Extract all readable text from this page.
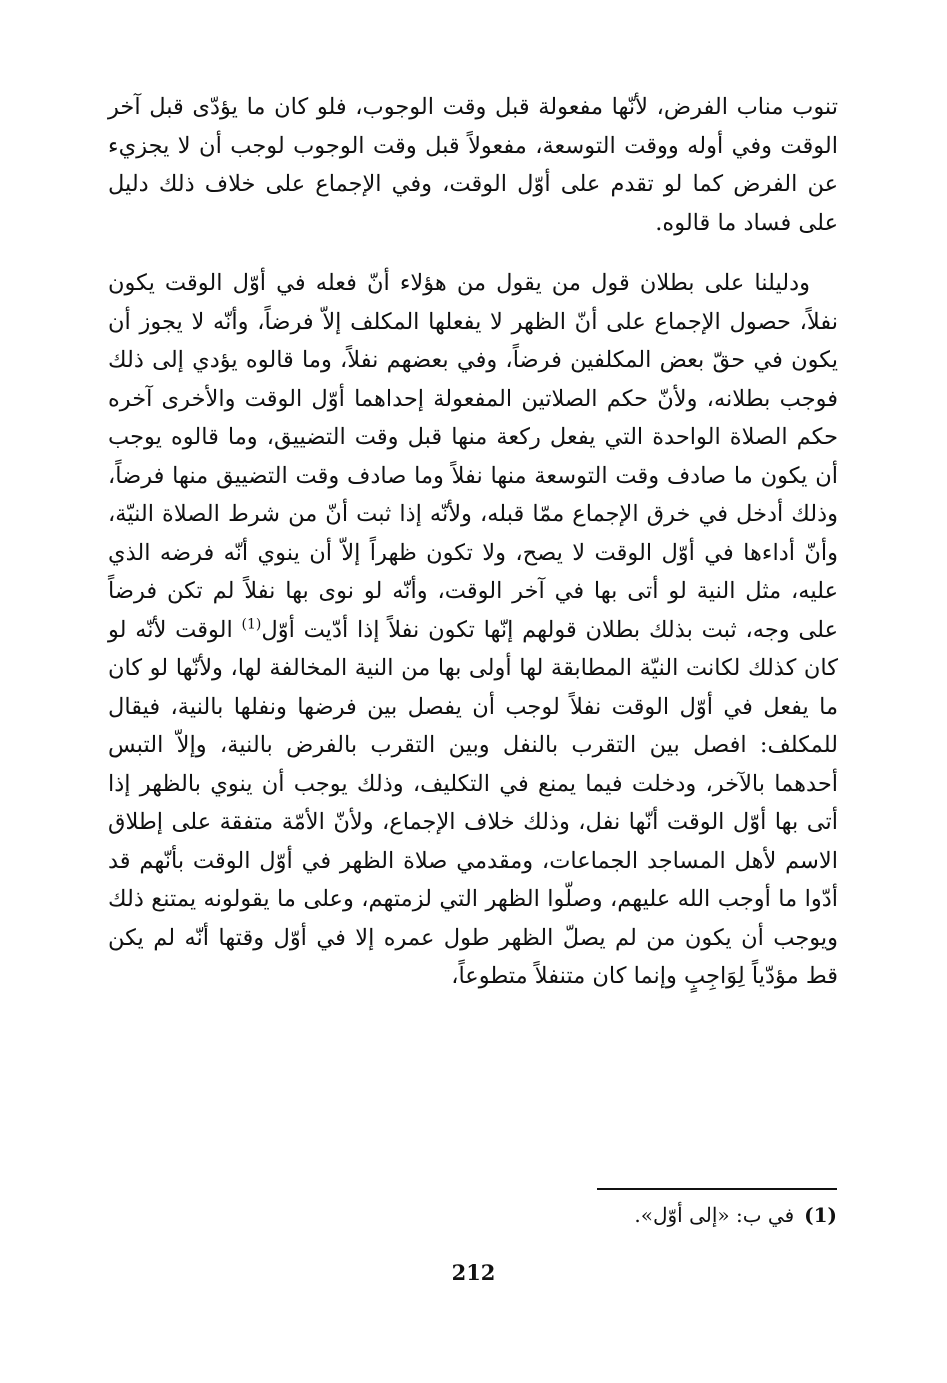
تنوب مناب الفرض، لأنّها مفعولة قبل وقت الوجوب، فلو كان ما يؤدّى قبل آخر الوقت وفي أوله ووقت التوسعة، مفعولاً قبل وقت الوجوب لوجب أن لا يجزيء عن الفرض كما لو تقدم على أوّل الوقت، وفي الإجماع على خلاف ذلك دليل على فساد ما قالوه.

ودليلنا على بطلان قول من يقول من هؤلاء أنّ فعله في أوّل الوقت يكون نفلاً، حصول الإجماع على أنّ الظهر لا يفعلها المكلف إلاّ فرضاً، وأنّه لا يجوز أن يكون في حقّ بعض المكلفين فرضاً، وفي بعضهم نفلاً، وما قالوه يؤدي إلى ذلك فوجب بطلانه، ولأنّ حكم الصلاتين المفعولة إحداهما أوّل الوقت والأخرى آخره حكم الصلاة الواحدة التي يفعل ركعة منها قبل وقت التضييق، وما قالوه يوجب أن يكون ما صادف وقت التوسعة منها نفلاً وما صادف وقت التضييق منها فرضاً، وذلك أدخل في خرق الإجماع ممّا قبله، ولأنّه إذا ثبت أنّ من شرط الصلاة النيّة، وأنّ أداءها في أوّل الوقت لا يصح، ولا تكون ظهراً إلاّ أن ينوي أنّه فرضه الذي عليه، مثل النية لو أتى بها في آخر الوقت، وأنّه لو نوى بها نفلاً لم تكن فرضاً على وجه، ثبت بذلك بطلان قولهم إنّها تكون نفلاً إذا أدّيت أوّل$^{(1)}$ الوقت لأنّه لو كان كذلك لكانت النيّة المطابقة لها أولى بها من النية المخالفة لها، ولأنّها لو كان ما يفعل في أوّل الوقت نفلاً لوجب أن يفصل بين فرضها ونفلها بالنية، فيقال للمكلف: افصل بين التقرب بالنفل وبين التقرب بالفرض بالنية، وإلاّ التبس أحدهما بالآخر، ودخلت فيما يمنع في التكليف، وذلك يوجب أن ينوي بالظهر إذا أتى بها أوّل الوقت أنّها نفل، وذلك خلاف الإجماع، ولأنّ الأمّة متفقة على إطلاق الاسم لأهل المساجد الجماعات، ومقدمي صلاة الظهر في أوّل الوقت بأنّهم قد أدّوا ما أوجب الله عليهم، وصلّوا الظهر التي لزمتهم، وعلى ما يقولونه يمتنع ذلك ويوجب أن يكون من لم يصلّ الظهر طول عمره إلا في أوّل وقتها أنّه لم يكن قط مؤدّياً لِوَاجِبٍ وإنما كان متنفلاً متطوعاً،

(1)في ب: «إلى أوّل».
212
